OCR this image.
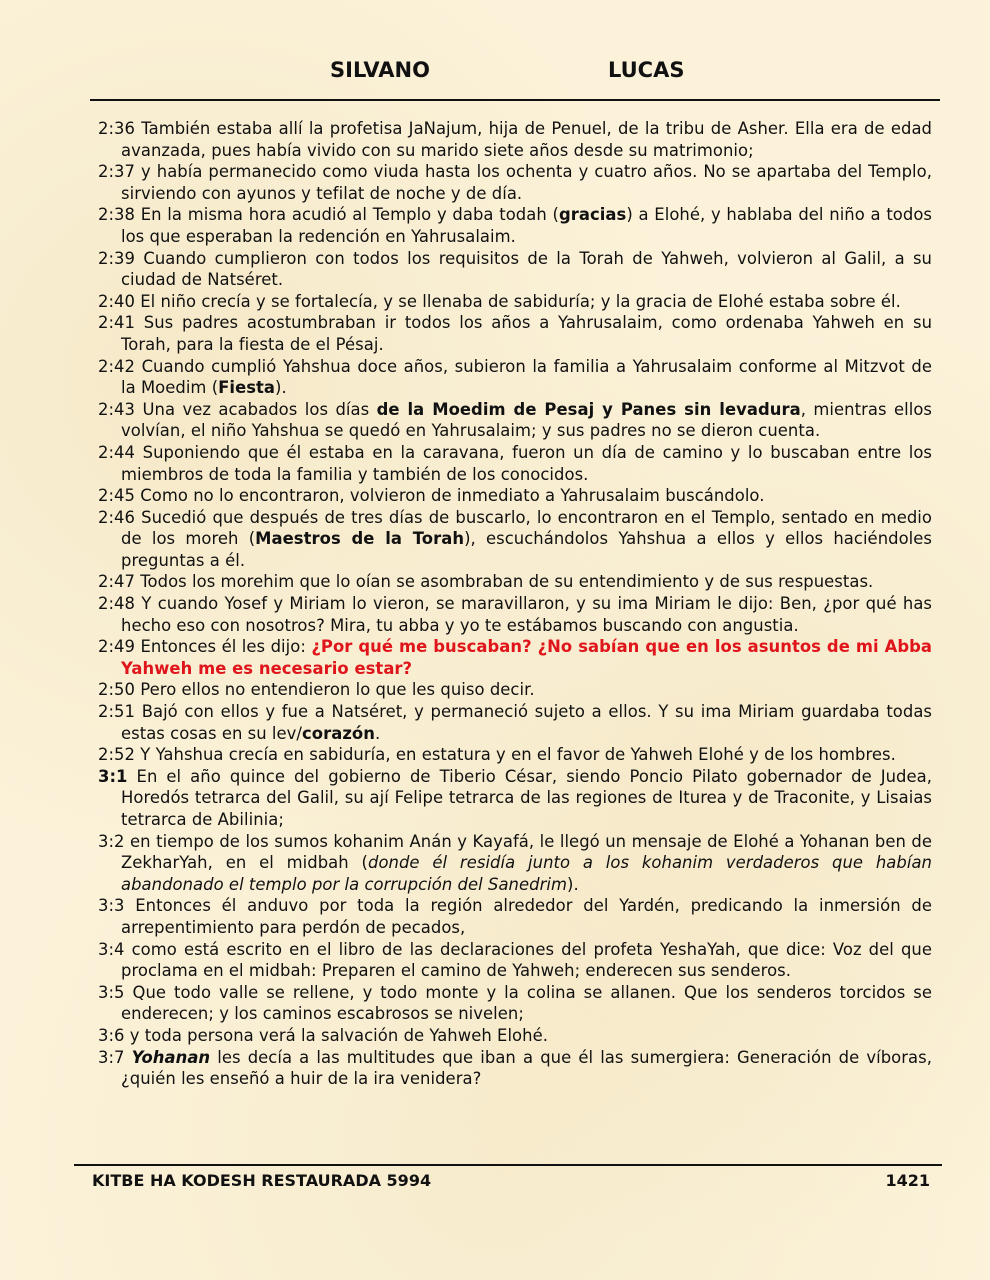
SILVANO	LUCAS

2:36 También estaba allí la profetisa JaNajum, hija de Penuel, de la tribu de Asher. Ella era de edad avanzada, pues había vivido con su marido siete años desde su matrimonio;

2:37 y había permanecido como viuda hasta los ochenta y cuatro años. No se apartaba del Templo, sirviendo con ayunos y tefilat de noche y de día.

2:38 En la misma hora acudió al Templo y daba todah (gracias) a Elohé, y hablaba del niño a todos los que esperaban la redención en Yahrusalaim.

2:39 Cuando cumplieron con todos los requisitos de la Torah de Yahweh, volvieron al Galil, a su ciudad de Natséret.

2:40 El niño crecía y se fortalecía, y se llenaba de sabiduría; y la gracia de Elohé estaba sobre él.

2:41 Sus padres acostumbraban ir todos los años a Yahrusalaim, como ordenaba Yahweh en su Torah, para la fiesta de el Pésaj.

2:42 Cuando cumplió Yahshua doce años, subieron la familia a Yahrusalaim conforme al Mitzvot de la Moedim (Fiesta).

2:43 Una vez acabados los días de la Moedim de Pesaj y Panes sin levadura, mientras ellos volvían, el niño Yahshua se quedó en Yahrusalaim; y sus padres no se dieron cuenta.

2:44 Suponiendo que él estaba en la caravana, fueron un día de camino y lo buscaban entre los miembros de toda la familia y también de los conocidos.

2:45 Como no lo encontraron, volvieron de inmediato a Yahrusalaim buscándolo.

2:46 Sucedió que después de tres días de buscarlo, lo encontraron en el Templo, sentado en medio de los moreh (Maestros de la Torah), escuchándolos Yahshua a ellos y ellos haciéndoles preguntas a él.

2:47 Todos los morehim que lo oían se asombraban de su entendimiento y de sus respuestas.

2:48 Y cuando Yosef y Miriam lo vieron, se maravillaron, y su ima Miriam le dijo: Ben, ¿por qué has hecho eso con nosotros? Mira, tu abba y yo te estábamos buscando con angustia.

2:49 Entonces él les dijo: ¿Por qué me buscaban? ¿No sabían que en los asuntos de mi Abba Yahweh me es necesario estar?

2:50 Pero ellos no entendieron lo que les quiso decir.

2:51 Bajó con ellos y fue a Natséret, y permaneció sujeto a ellos. Y su ima Miriam guardaba todas estas cosas en su lev/corazón.

2:52 Y Yahshua crecía en sabiduría, en estatura y en el favor de Yahweh Elohé y de los hombres.

3:1 En el año quince del gobierno de Tiberio César, siendo Poncio Pilato gobernador de Judea, Horedós tetrarca del Galil, su ají Felipe tetrarca de las regiones de Iturea y de Traconite, y Lisaias tetrarca de Abilinia;

3:2 en tiempo de los sumos kohanim Anán y Kayafá, le llegó un mensaje de Elohé a Yohanan ben de ZekharYah, en el midbah (donde él residía junto a los kohanim verdaderos que habían abandonado el templo por la corrupción del Sanedrim).

3:3 Entonces él anduvo por toda la región alrededor del Yardén, predicando la inmersión de arrepentimiento para perdón de pecados,

3:4 como está escrito en el libro de las declaraciones del profeta YeshaYah, que dice: Voz del que proclama en el midbah: Preparen el camino de Yahweh; enderecen sus senderos.

3:5 Que todo valle se rellene, y todo monte y la colina se allanen. Que los senderos torcidos se enderecen; y los caminos escabrosos se nivelen;

3:6 y toda persona verá la salvación de Yahweh Elohé.

3:7 Yohanan les decía a las multitudes que iban a que él las sumergiera: Generación de víboras, ¿quién les enseñó a huir de la ira venidera?

KITBE HA KODESH RESTAURADA 5994	1421
